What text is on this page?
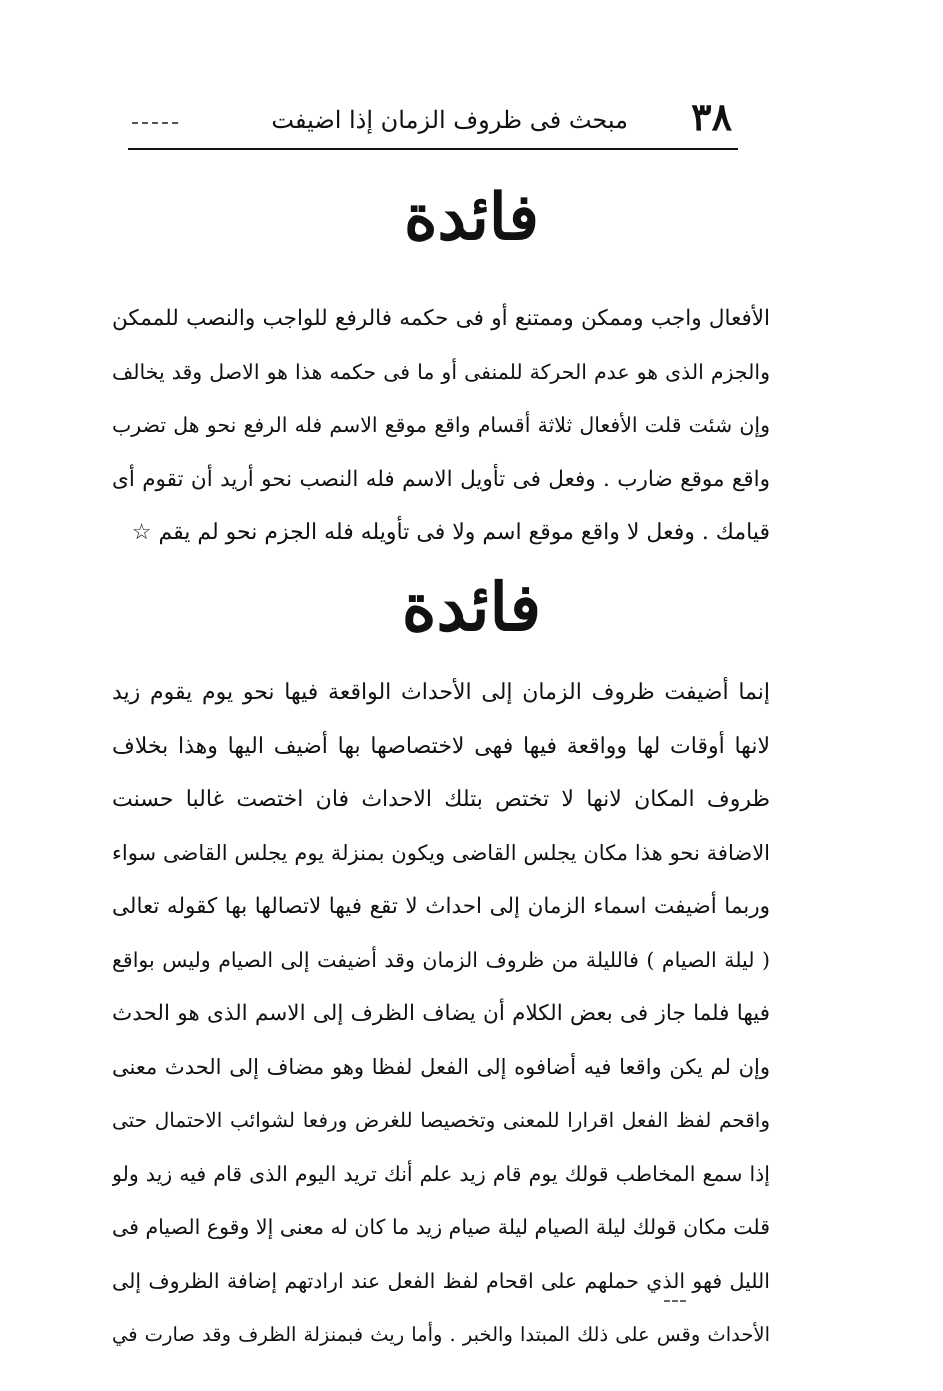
٣٨
مبحث فى ظروف الزمان إذا اضيفت
فائدة
الأفعال واجب وممكن وممتنع أو فى حكمه فالرفع للواجب والنصب للممكن
والجزم الذى هو عدم الحركة للمنفى أو ما فى حكمه هذا هو الاصل وقد يخالف
وإن شئت قلت الأفعال ثلاثة أقسام واقع موقع الاسم فله الرفع نحو هل تضرب
واقع موقع ضارب . وفعل فى تأويل الاسم فله النصب نحو أريد أن تقوم أى
قيامك . وفعل لا واقع موقع اسم ولا فى تأويله فله الجزم نحو لم يقم ☆
فائدة
إنما أضيفت ظروف الزمان إلى الأحداث الواقعة فيها نحو يوم يقوم زيد
لانها أوقات لها وواقعة فيها فهى لاختصاصها بها أضيف اليها وهذا بخلاف
ظروف المكان لانها لا تختص بتلك الاحداث فان اختصت غالبا حسنت
الاضافة نحو هذا مكان يجلس القاضى ويكون بمنزلة يوم يجلس القاضى سواء
وربما أضيفت اسماء الزمان إلى احداث لا تقع فيها لاتصالها بها كقوله تعالى
( ليلة الصيام ) فالليلة من ظروف الزمان وقد أضيفت إلى الصيام وليس بواقع
فيها فلما جاز فى بعض الكلام أن يضاف الظرف إلى الاسم الذى هو الحدث
وإن لم يكن واقعا فيه أضافوه إلى الفعل لفظا وهو مضاف إلى الحدث معنى
واقحم لفظ الفعل اقرارا للمعنى وتخصيصا للغرض ورفعا لشوائب الاحتمال حتى
إذا سمع المخاطب قولك يوم قام زيد علم أنك تريد اليوم الذى قام فيه زيد ولو
قلت مكان قولك ليلة الصيام ليلة صيام زيد ما كان له معنى إلا وقوع الصيام فى
الليل فهو الذي حملهم على اقحام لفظ الفعل عند ارادتهم إضافة الظروف إلى
الأحداث وقس على ذلك المبتدا والخبر . وأما ريث فبمنزلة الظرف وقد صارت في
